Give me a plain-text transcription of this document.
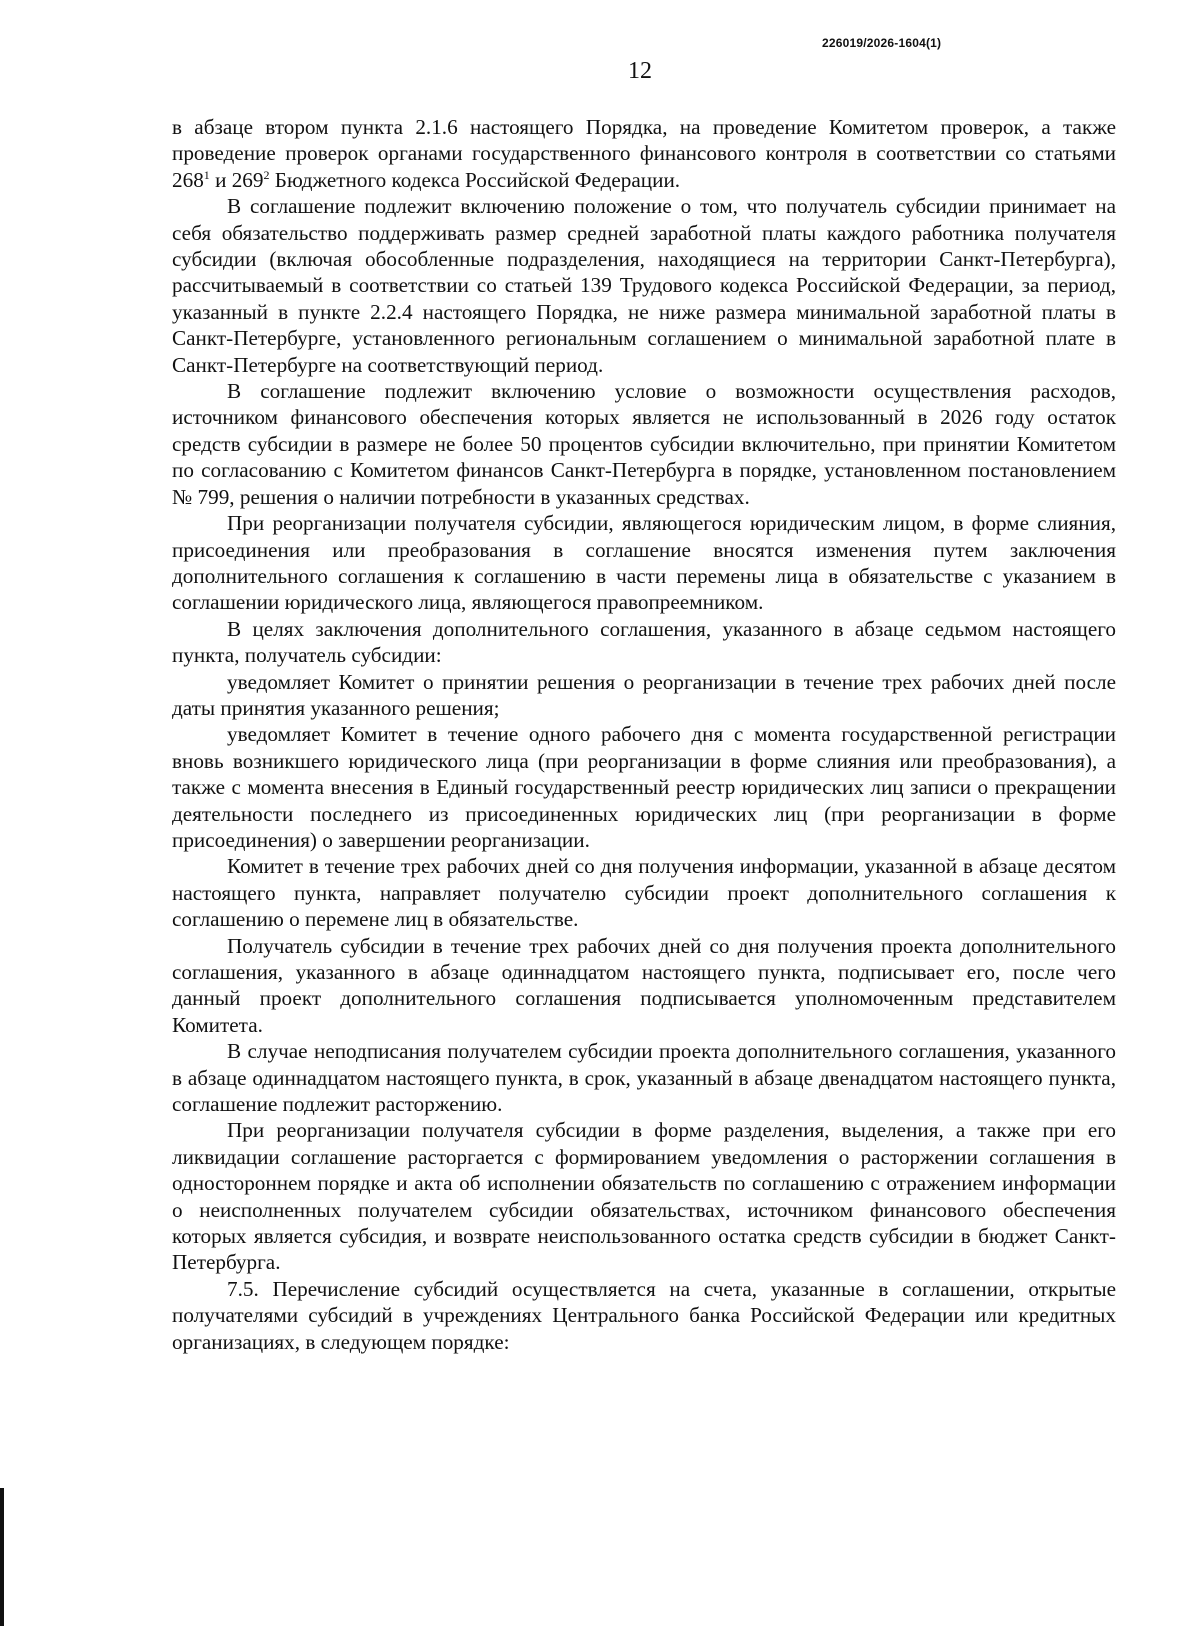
226019/2026-1604(1)
12

в абзаце втором пункта 2.1.6 настоящего Порядка, на проведение Комитетом проверок, а также проведение проверок органами государственного финансового контроля в соответствии со статьями $268^1$ и $269^2$ Бюджетного кодекса Российской Федерации.

В соглашение подлежит включению положение о том, что получатель субсидии принимает на себя обязательство поддерживать размер средней заработной платы каждого работника получателя субсидии (включая обособленные подразделения, находящиеся на территории Санкт-Петербурга), рассчитываемый в соответствии со статьей 139 Трудового кодекса Российской Федерации, за период, указанный в пункте 2.2.4 настоящего Порядка, не ниже размера минимальной заработной платы в Санкт-Петербурге, установленного региональным соглашением о минимальной заработной плате в Санкт-Петербурге на соответствующий период.

В соглашение подлежит включению условие о возможности осуществления расходов, источником финансового обеспечения которых является не использованный в 2026 году остаток средств субсидии в размере не более 50 процентов субсидии включительно, при принятии Комитетом по согласованию с Комитетом финансов Санкт-Петербурга в порядке, установленном постановлением № 799, решения о наличии потребности в указанных средствах.

При реорганизации получателя субсидии, являющегося юридическим лицом, в форме слияния, присоединения или преобразования в соглашение вносятся изменения путем заключения дополнительного соглашения к соглашению в части перемены лица в обязательстве с указанием в соглашении юридического лица, являющегося правопреемником.

В целях заключения дополнительного соглашения, указанного в абзаце седьмом настоящего пункта, получатель субсидии:

уведомляет Комитет о принятии решения о реорганизации в течение трех рабочих дней после даты принятия указанного решения;

уведомляет Комитет в течение одного рабочего дня с момента государственной регистрации вновь возникшего юридического лица (при реорганизации в форме слияния или преобразования), а также с момента внесения в Единый государственный реестр юридических лиц записи о прекращении деятельности последнего из присоединенных юридических лиц (при реорганизации в форме присоединения) о завершении реорганизации.

Комитет в течение трех рабочих дней со дня получения информации, указанной в абзаце десятом настоящего пункта, направляет получателю субсидии проект дополнительного соглашения к соглашению о перемене лиц в обязательстве.

Получатель субсидии в течение трех рабочих дней со дня получения проекта дополнительного соглашения, указанного в абзаце одиннадцатом настоящего пункта, подписывает его, после чего данный проект дополнительного соглашения подписывается уполномоченным представителем Комитета.

В случае неподписания получателем субсидии проекта дополнительного соглашения, указанного в абзаце одиннадцатом настоящего пункта, в срок, указанный в абзаце двенадцатом настоящего пункта, соглашение подлежит расторжению.

При реорганизации получателя субсидии в форме разделения, выделения, а также при его ликвидации соглашение расторгается с формированием уведомления о расторжении соглашения в одностороннем порядке и акта об исполнении обязательств по соглашению с отражением информации о неисполненных получателем субсидии обязательствах, источником финансового обеспечения которых является субсидия, и возврате неиспользованного остатка средств субсидии в бюджет Санкт-Петербурга.

7.5. Перечисление субсидий осуществляется на счета, указанные в соглашении, открытые получателями субсидий в учреждениях Центрального банка Российской Федерации или кредитных организациях, в следующем порядке:
